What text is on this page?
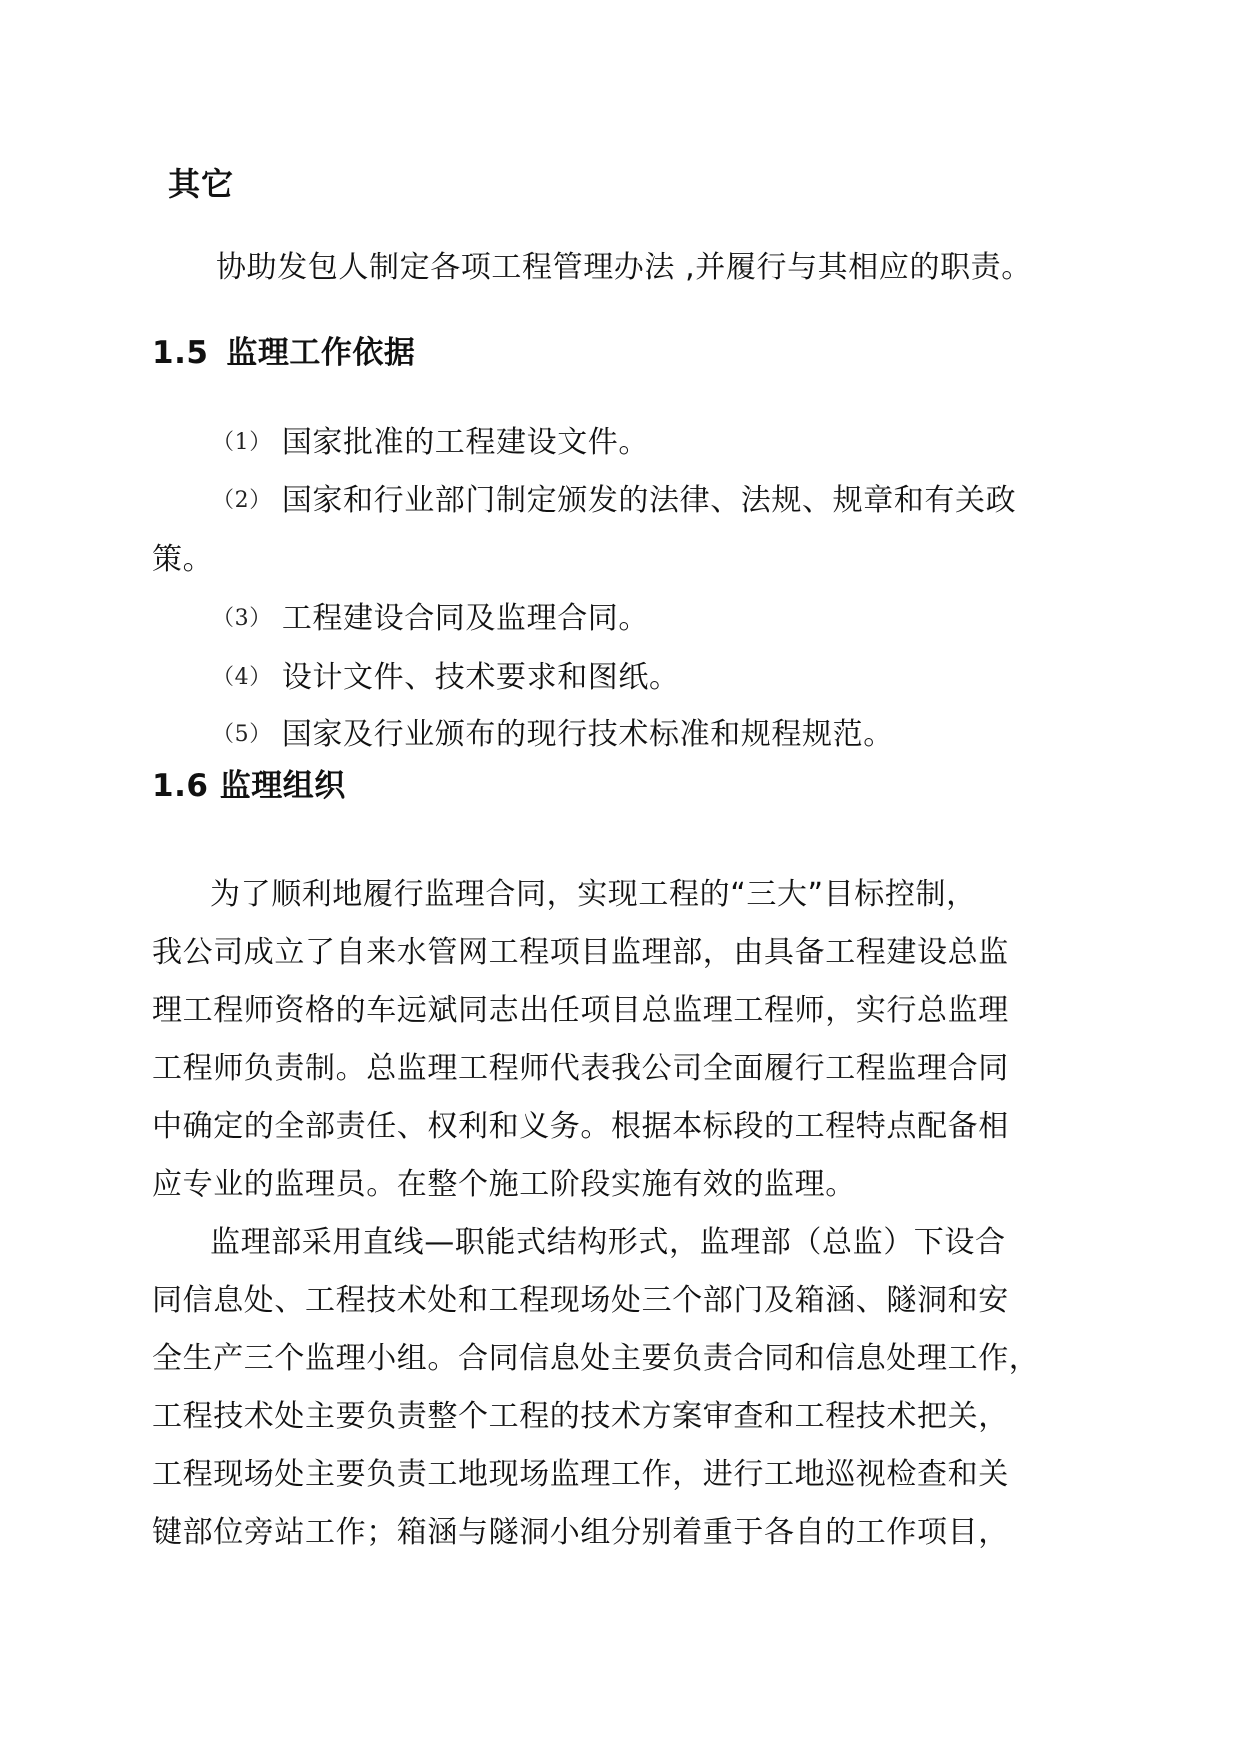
其它
协助发包人制定各项工程管理办法 ,并履行与其相应的职责。
1.5 监理工作依据
（1） 国家批准的工程建设文件。
（2） 国家和行业部门制定颁发的法律、法规、规章和有关政
策。
（3） 工程建设合同及监理合同。
（4） 设计文件、技术要求和图纸。
（5） 国家及行业颁布的现行技术标准和规程规范。
1.6 监理组织
为了顺利地履行监理合同，实现工程的“三大”目标控制，
我公司成立了自来水管网工程项目监理部，由具备工程建设总监
理工程师资格的车远斌同志出任项目总监理工程师，实行总监理
工程师负责制。总监理工程师代表我公司全面履行工程监理合同
中确定的全部责任、权利和义务。根据本标段的工程特点配备相
应专业的监理员。在整个施工阶段实施有效的监理。
监理部采用直线—职能式结构形式，监理部（总监）下设合
同信息处、工程技术处和工程现场处三个部门及箱涵、隧洞和安
全生产三个监理小组。合同信息处主要负责合同和信息处理工作，
工程技术处主要负责整个工程的技术方案审查和工程技术把关，
工程现场处主要负责工地现场监理工作，进行工地巡视检查和关
键部位旁站工作；箱涵与隧洞小组分别着重于各自的工作项目，
